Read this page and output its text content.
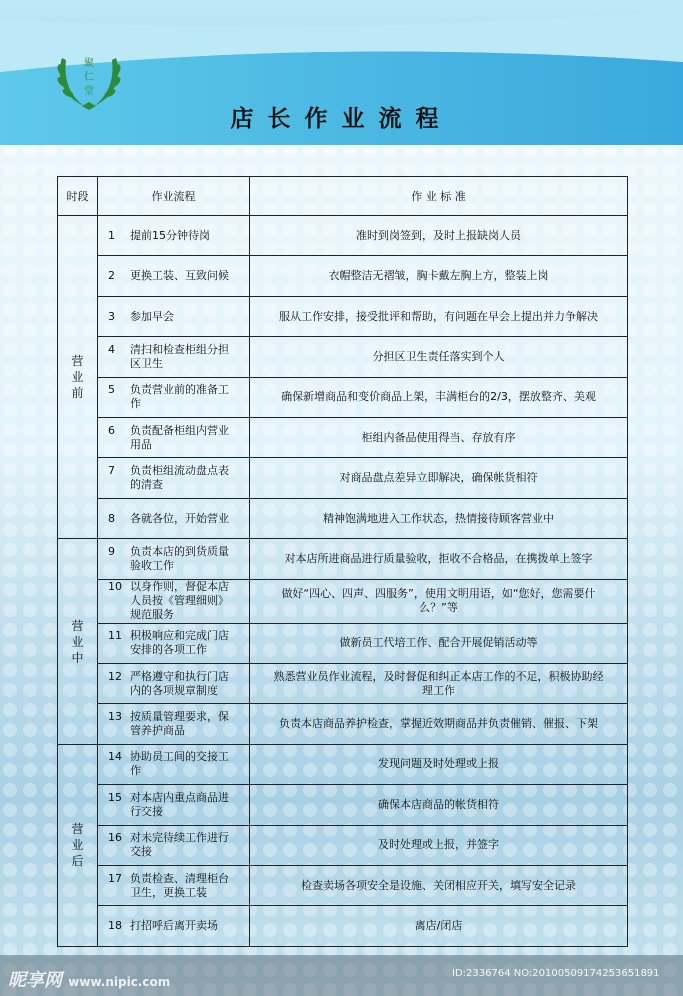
聚
仁
堂
店长作业流程
时段	作业流程	作 业 标 准

营业前	1 提前15分钟待岗	准时到岗签到，及时上报缺岗人员
	2 更换工装、互致问候	衣帽整洁无褶皱，胸卡戴左胸上方，整装上岗
	3 参加早会	服从工作安排，接受批评和帮助，有问题在早会上提出并力争解决
	4 清扫和检查柜组分担区卫生	分担区卫生责任落实到个人
	5 负责营业前的准备工作	确保新增商品和变价商品上架，丰满柜台的2/3，摆放整齐、美观
	6 负责配备柜组内营业用品	柜组内备品使用得当、存放有序
	7 负责柜组流动盘点表的清查	对商品盘点差异立即解决，确保帐货相符
	8 各就各位，开始营业	精神饱满地进入工作状态，热情接待顾客营业中

营业中	9 负责本店的到货质量验收工作	对本店所进商品进行质量验收，拒收不合格品，在携拨单上签字
	10 以身作则，督促本店人员按《管理细则》规范服务	做好“四心、四声、四服务”，使用文明用语，如“您好，您需要什么？”等
	11 积极响应和完成门店安排的各项工作	做新员工代培工作、配合开展促销活动等
	12 严格遵守和执行门店内的各项规章制度	熟悉营业员作业流程，及时督促和纠正本店工作的不足，积极协助经理工作
	13 按质量管理要求，保管养护商品	负责本店商品养护检查，掌握近效期商品并负责催销、催报、下架

营业后	14 协助员工间的交接工作	发现问题及时处理或上报
	15 对本店内重点商品进行交接	确保本店商品的帐货相符
	16 对未完待续工作进行交接	及时处理或上报，并签字
	17 负责检查、清理柜台卫生，更换工装	检查卖场各项安全是设施、关闭相应开关，填写安全记录
	18 打招呼后离开卖场	离店/闭店
昵享网 www.nipic.com
ID:2336764 NO:20100509174253651891
